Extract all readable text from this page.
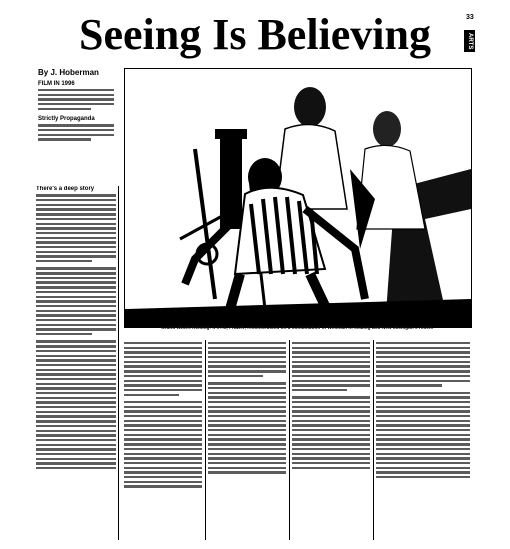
Seeing Is Believing	33
ARTS
By J. Hoberman
FILM IN 1996
Strictly Propaganda
There's a deep story
Grand Wittes Kissing: It's Ali, Frazier, reconstructed on a combination of Wellman in sealing and New Michigan's rebels
